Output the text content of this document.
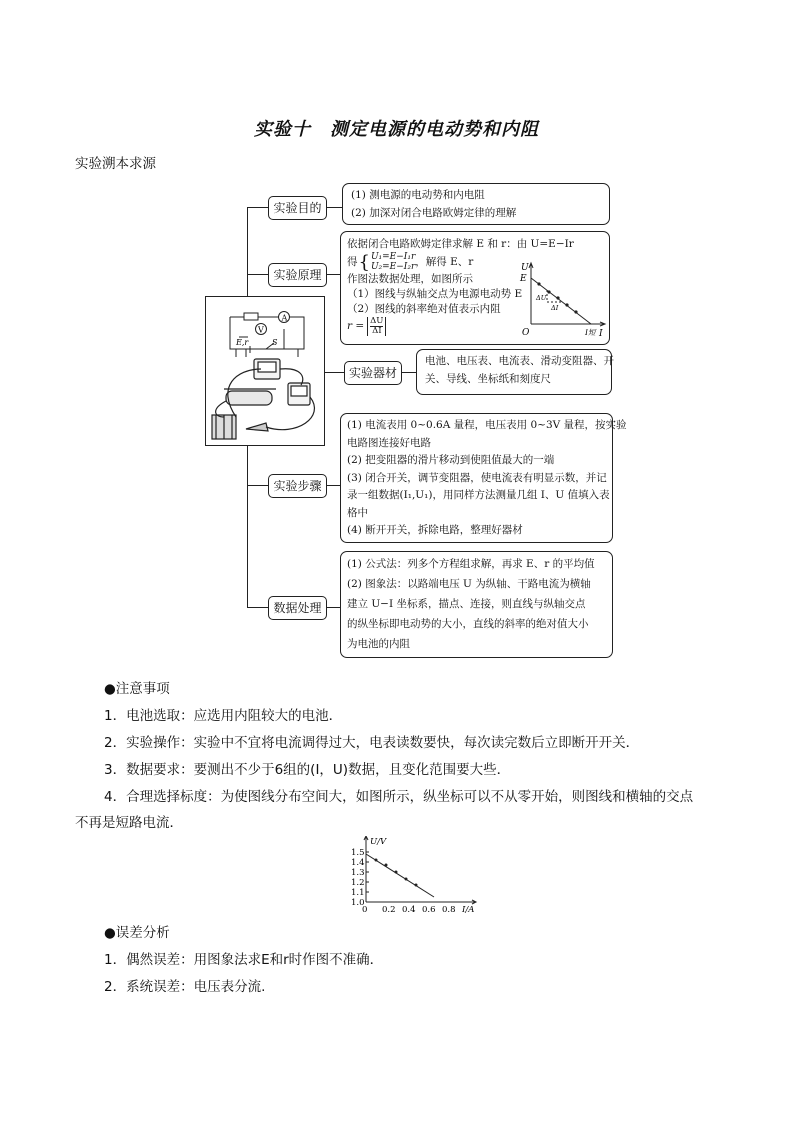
实验十　测定电源的电动势和内阻
实验溯本求源
实验目的
实验原理
实验器材
实验步骤
数据处理
A
V
E,r	S
(1) 测电源的电动势和内电阻
(2) 加深对闭合电路欧姆定律的理解
依据闭合电路欧姆定律求解 E 和 r：由 U=E−Ir
得 { U₁=E−I₁r
U₂=E−I₂r ，解得 E、r
作图法数据处理，如图所示
（1）图线与纵轴交点为电源电动势 E
（2）图线的斜率绝对值表示内阻
$r = \frac{\Delta U}{\Delta I}$
U
E
O	I
I短
ΔU
ΔI
电池、电压表、电流表、滑动变阻器、开
关、导线、坐标纸和刻度尺
(1) 电流表用 0~0.6A 量程，电压表用 0~3V 量程，按实验
电路图连接好电路
(2) 把变阻器的滑片移动到使阻值最大的一端
(3) 闭合开关，调节变阻器，使电流表有明显示数，并记
录一组数据(I₁,U₁)，用同样方法测量几组 I、U 值填入表
格中
(4) 断开开关，拆除电路，整理好器材
(1) 公式法：列多个方程组求解，再求 E、r 的平均值
(2) 图象法：以路端电压 U 为纵轴、干路电流为横轴
建立 U−I 坐标系，描点、连接，则直线与纵轴交点
的纵坐标即电动势的大小，直线的斜率的绝对值大小
为电池的内阻
●注意事项
1．电池选取：应选用内阻较大的电池．
2．实验操作：实验中不宜将电流调得过大，电表读数要快，每次读完数后立即断开开关．
3．数据要求：要测出不少于6组的(I，U)数据，且变化范围要大些．
4．合理选择标度：为使图线分布空间大，如图所示，纵坐标可以不从零开始，则图线和横轴的交点
不再是短路电流．
0 0.2 0.4 0.6 0.8
1.0
1.1
1.2
1.3
1.4
1.5
I/A
U/V
●误差分析
1．偶然误差：用图象法求E和r时作图不准确．
2．系统误差：电压表分流.
